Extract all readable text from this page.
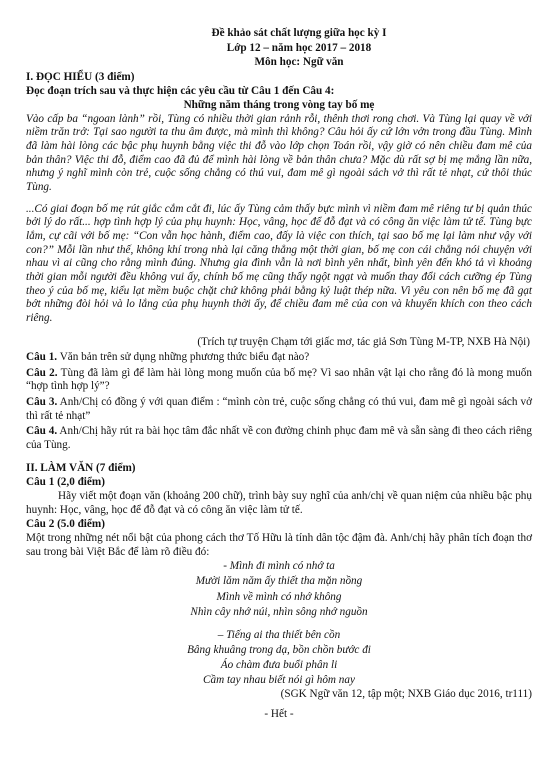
Đề khảo sát chất lượng giữa học kỳ I
Lớp 12 – năm học 2017 – 2018
Môn học: Ngữ văn
I. ĐỌC HIỂU (3 điểm)
Đọc đoạn trích sau và thực hiện các yêu cầu từ Câu 1 đến Câu 4:
Những năm tháng trong vòng tay bố mẹ

Vào cấp ba “ngoan lành” rồi, Tùng có nhiều thời gian rảnh rỗi, thênh thơi rong chơi. Và Tùng lại quay về với niềm trăn trở: Tại sao người ta thu âm được, mà mình thì không? Câu hỏi ấy cứ lớn vởn trong đầu Tùng. Mình đã làm hài lòng các bậc phụ huynh bằng việc thi đỗ vào lớp chọn Toán rồi, vậy giờ có nên chiều đam mê của bản thân? Việc thi đỗ, điểm cao đã đủ để mình hài lòng về bản thân chưa? Mặc dù rất sợ bị mẹ mắng lần nữa, nhưng ý nghĩ mình còn trẻ, cuộc sống chẳng có thú vui, đam mê gì ngoài sách vở thì rất tẻ nhạt, cứ thôi thúc Tùng.

...Có giai đoạn bố mẹ rút giắc cắm cắt đi, lúc ấy Tùng cảm thấy bực mình vì niềm đam mê riêng tư bị quản thúc bởi lý do rất... hợp tình hợp lý của phụ huynh: Học, vâng, học để đỗ đạt và có công ăn việc làm tử tế. Tùng bực lắm, cự cãi với bố mẹ: “Con vẫn học hành, điểm cao, đấy là việc con thích, tại sao bố mẹ lại làm như vậy với con?” Mỗi lần như thế, không khí trong nhà lại căng thẳng một thời gian, bố mẹ con cái chẳng nói chuyện với nhau vì ai cũng cho rằng mình đúng. Nhưng gia đình vẫn là nơi bình yên nhất, bình yên đến khó tả vì khoảng thời gian mỗi người đều không vui ấy, chính bố mẹ cũng thấy ngột ngạt và muốn thay đổi cách cưỡng ép Tùng theo ý của bố mẹ, kiểu lạt mềm buộc chặt chứ không phải bằng kỷ luật thép nữa. Vì yêu con nên bố mẹ đã gạt bớt những đòi hỏi và lo lắng của phụ huynh thời ấy, để chiều đam mê của con và khuyến khích con theo cách riêng.

(Trích tự truyện Chạm tới giấc mơ, tác giả Sơn Tùng M-TP, NXB Hà Nội)
Câu 1. Văn bản trên sử dụng những phương thức biểu đạt nào?
Câu 2. Tùng đã làm gì để làm hài lòng mong muốn của bố mẹ? Vì sao nhân vật lại cho rằng đó là mong muốn “hợp tình hợp lý”?
Câu 3. Anh/Chị có đồng ý với quan điểm : “mình còn trẻ, cuộc sống chẳng có thú vui, đam mê gì ngoài sách vở thì rất tẻ nhạt”
Câu 4. Anh/Chị hãy rút ra bài học tâm đắc nhất về con đường chinh phục đam mê và sẵn sàng đi theo cách riêng của Tùng.
II. LÀM VĂN (7 điểm)
Câu 1 (2,0 điểm)

Hãy viết một đoạn văn (khoảng 200 chữ), trình bày suy nghĩ của anh/chị về quan niệm của nhiều bậc phụ huynh: Học, vâng, học để đỗ đạt và có công ăn việc làm tử tế.

Câu 2 (5.0 điểm)

Một trong những nét nổi bật của phong cách thơ Tố Hữu là tính dân tộc đậm đà. Anh/chị hãy phân tích đoạn thơ sau trong bài Việt Bắc để làm rõ điều đó:

- Mình đi mình có nhớ ta
Mười lăm năm ấy thiết tha mặn nồng
Mình về mình có nhớ không
Nhìn cây nhớ núi, nhìn sông nhớ nguồn
– Tiếng ai tha thiết bên cồn
Bâng khuâng trong dạ, bồn chồn bước đi
Áo chàm đưa buổi phân li
Cầm tay nhau biết nói gì hôm nay
(SGK Ngữ văn 12, tập một; NXB Giáo dục 2016, tr111)
- Hết -
